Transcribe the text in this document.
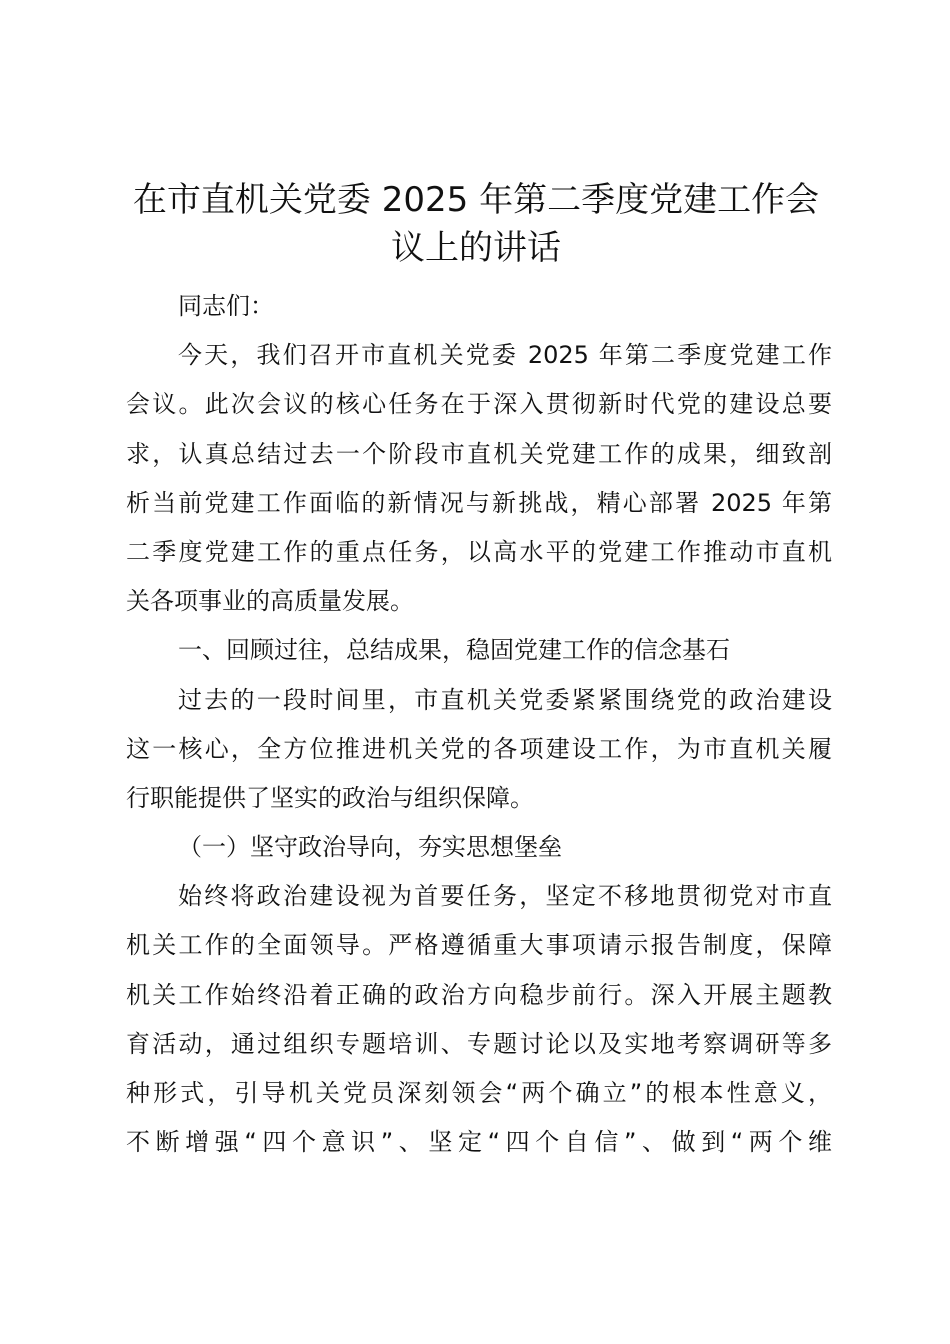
在市直机关党委 2025 年第二季度党建工作会
议上的讲话

同志们：

今天，我们召开市直机关党委 2025 年第二季度党建工作

会议。此次会议的核心任务在于深入贯彻新时代党的建设总要

求，认真总结过去一个阶段市直机关党建工作的成果，细致剖

析当前党建工作面临的新情况与新挑战，精心部署 2025 年第

二季度党建工作的重点任务，以高水平的党建工作推动市直机

关各项事业的高质量发展。

一、回顾过往，总结成果，稳固党建工作的信念基石

过去的一段时间里，市直机关党委紧紧围绕党的政治建设

这一核心，全方位推进机关党的各项建设工作，为市直机关履

行职能提供了坚实的政治与组织保障。

（一）坚守政治导向，夯实思想堡垒

始终将政治建设视为首要任务，坚定不移地贯彻党对市直

机关工作的全面领导。严格遵循重大事项请示报告制度，保障

机关工作始终沿着正确的政治方向稳步前行。深入开展主题教

育活动，通过组织专题培训、专题讨论以及实地考察调研等多

种形式，引导机关党员深刻领会“两个确立”的根本性意义，

不断增强“四个意识”、坚定“四个自信”、做到“两个维
